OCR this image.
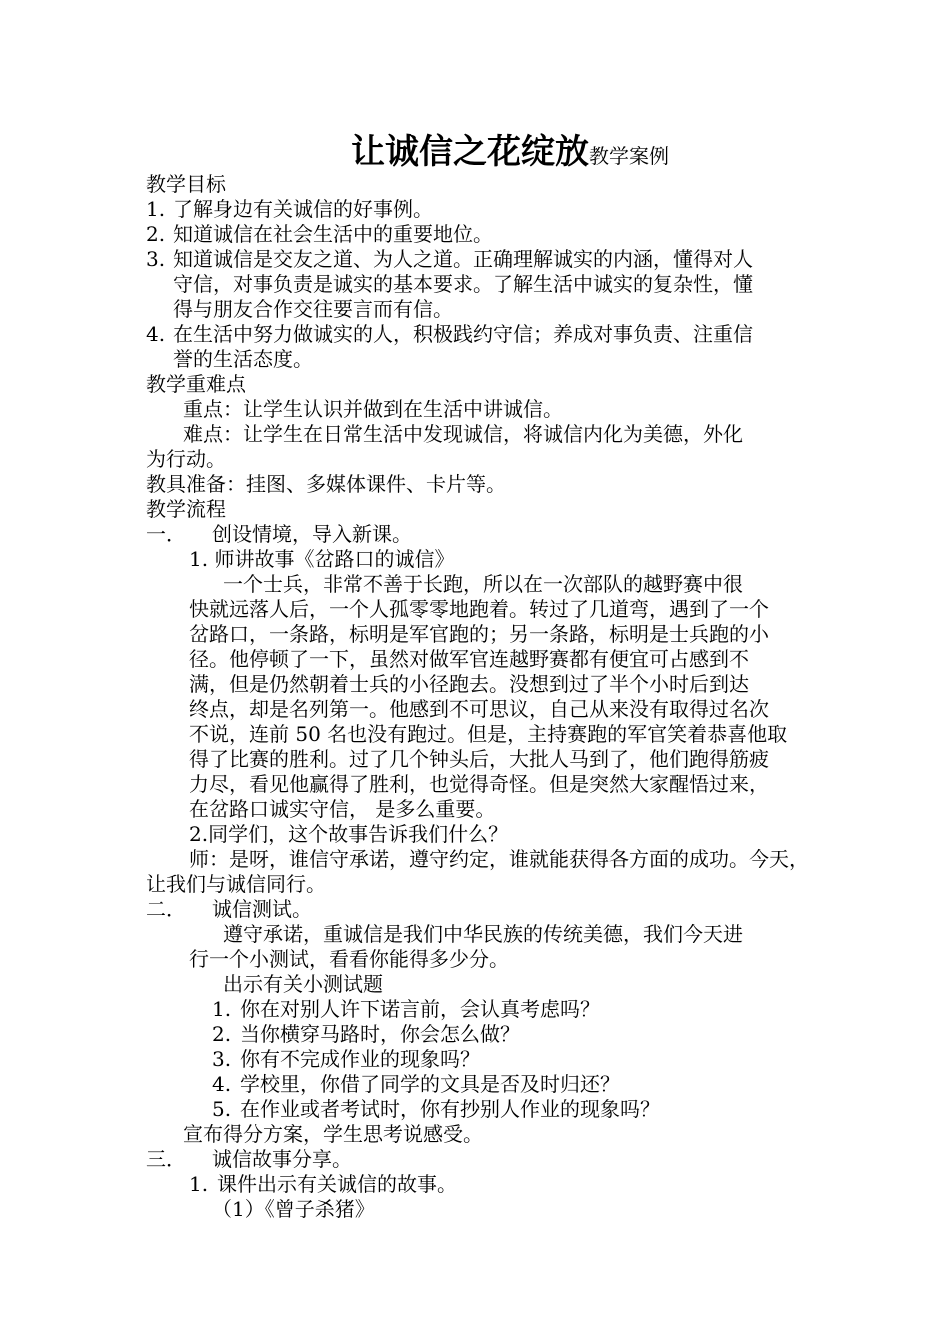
让诚信之花绽放教学案例
教学目标
1. 了解身边有关诚信的好事例。
2. 知道诚信在社会生活中的重要地位。
3. 知道诚信是交友之道、为人之道。正确理解诚实的内涵，懂得对人
守信，对事负责是诚实的基本要求。了解生活中诚实的复杂性，懂
得与朋友合作交往要言而有信。
4. 在生活中努力做诚实的人，积极践约守信；养成对事负责、注重信
誉的生活态度。
教学重难点
重点：让学生认识并做到在生活中讲诚信。
难点：让学生在日常生活中发现诚信，将诚信内化为美德，外化
为行动。
教具准备：挂图、多媒体课件、卡片等。
教学流程
一． 创设情境，导入新课。
1. 师讲故事《岔路口的诚信》
一个士兵，非常不善于长跑，所以在一次部队的越野赛中很
快就远落人后，一个人孤零零地跑着。转过了几道弯，遇到了一个
岔路口，一条路，标明是军官跑的；另一条路，标明是士兵跑的小
径。他停顿了一下，虽然对做军官连越野赛都有便宜可占感到不
满，但是仍然朝着士兵的小径跑去。没想到过了半个小时后到达
终点，却是名列第一。他感到不可思议，自己从来没有取得过名次
不说，连前 50 名也没有跑过。但是，主持赛跑的军官笑着恭喜他取
得了比赛的胜利。过了几个钟头后，大批人马到了，他们跑得筋疲
力尽，看见他赢得了胜利，也觉得奇怪。但是突然大家醒悟过来，
在岔路口诚实守信， 是多么重要。
2.同学们，这个故事告诉我们什么？
师：是呀，谁信守承诺，遵守约定，谁就能获得各方面的成功。今天，
让我们与诚信同行。
二． 诚信测试。
遵守承诺，重诚信是我们中华民族的传统美德，我们今天进
行一个小测试，看看你能得多少分。
出示有关小测试题
1. 你在对别人许下诺言前，会认真考虑吗？
2. 当你横穿马路时，你会怎么做？
3. 你有不完成作业的现象吗？
4. 学校里，你借了同学的文具是否及时归还？
5. 在作业或者考试时，你有抄别人作业的现象吗？
宣布得分方案，学生思考说感受。
三． 诚信故事分享。
1. 课件出示有关诚信的故事。
（1）《曾子杀猪》
